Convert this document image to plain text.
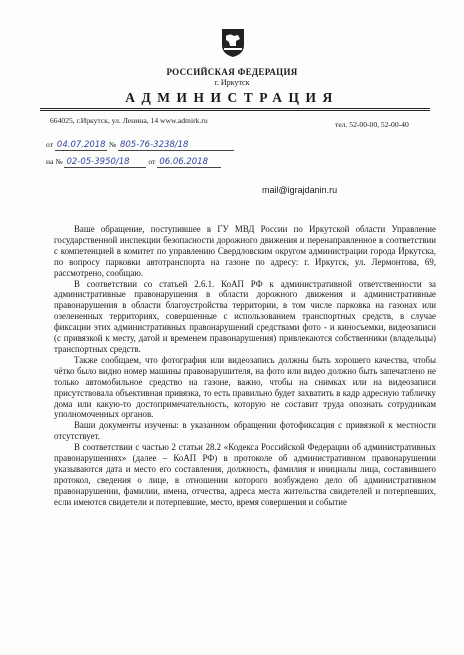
РОССИЙСКАЯ ФЕДЕРАЦИЯ
г. Иркутск
АДМИНИСТРАЦИЯ
664025, г.Иркутск, ул. Ленина, 14 www.admirk.ru	тел. 52-00-00, 52-00-40
от 04.07.2018 № 805-76-3238/18
на № 02-05-3950/18 от 06.06.2018
mail@igrajdanin.ru

Ваше обращение, поступившее в ГУ МВД России по Иркутской области Управление государственной инспекции безопасности дорожного движения и перенаправленное в соответствии с компетенцией в комитет по управлению Свердловским округом администрации города Иркутска, по вопросу парковки автотранспорта на газоне по адресу: г. Иркутск, ул. Лермонтова, 69, рассмотрено, сообщаю.

В соответствии со статьей 2.6.1. КоАП РФ к административной ответственности за административные правонарушения в области дорожного движения и административные правонарушения в области благоустройства территории, в том числе парковка на газонах или озелененных территориях, совершенные с использованием транспортных средств, в случае фиксации этих административных правонарушений средствами фото - и киносъемки, видеозаписи (с привязкой к месту, датой и временем правонарушения) привлекаются собственники (владельцы) транспортных средств.

Также сообщаем, что фотография или видеозапись должны быть хорошего качества, чтобы чётко было видно номер машины правонарушителя, на фото или видео должно быть запечатлено не только автомобильное средство на газоне, важно, чтобы на снимках или на видеозаписи присутствовала объективная привязка, то есть правильно будет захватить в кадр адресную табличку дома или какую-то достопримечательность, которую не составит труда опознать сотрудникам уполномоченных органов.

Ваши документы изучены: в указанном обращении фотофиксация с привязкой к местности отсутствует.

В соответствии с частью 2 статьи 28.2 «Кодекса Российской Федерации об административных правонарушениях» (далее – КоАП РФ) в протоколе об административном правонарушении указываются дата и место его составления, должность, фамилия и инициалы лица, составившего протокол, сведения о лице, в отношении которого возбуждено дело об административном правонарушении, фамилии, имена, отчества, адреса места жительства свидетелей и потерпевших, если имеются свидетели и потерпевшие, место, время совершения и событие
